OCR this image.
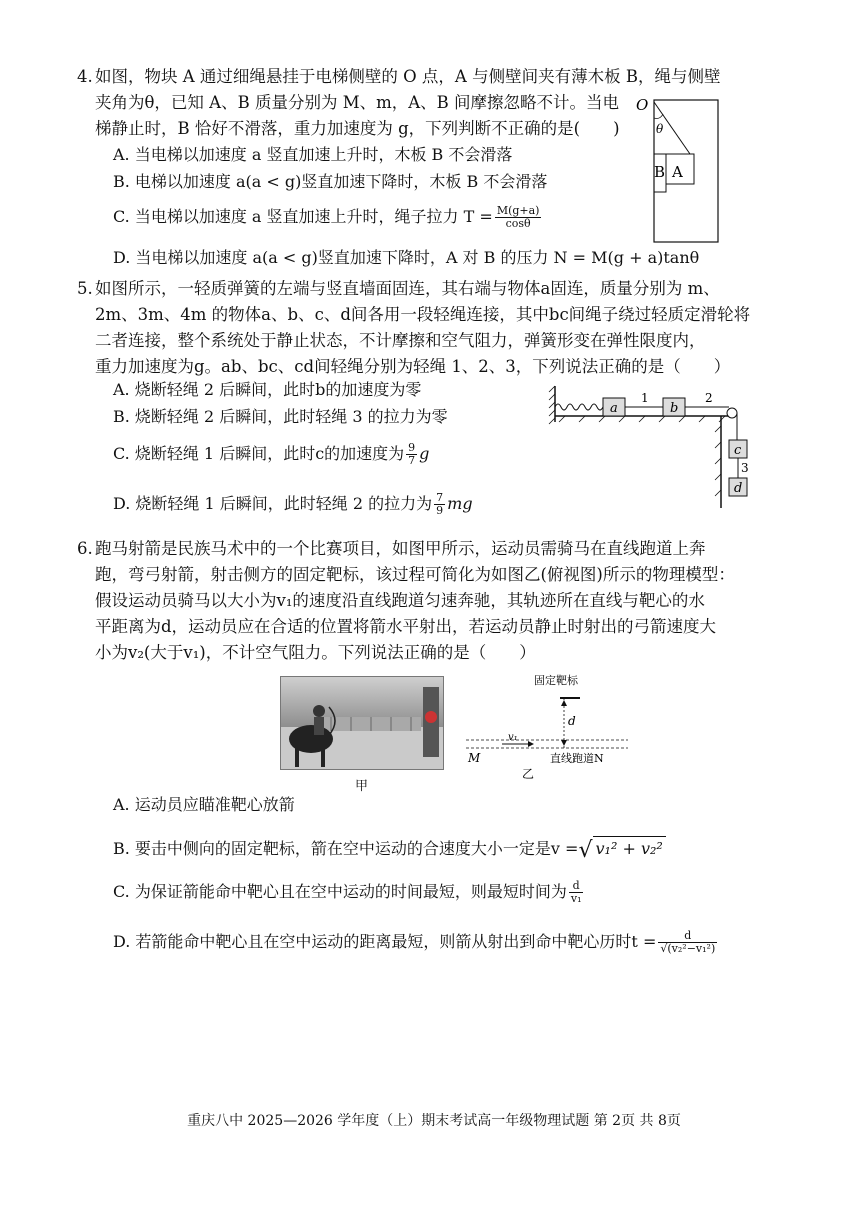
4. 如图，物块 A 通过细绳悬挂于电梯侧壁的 O 点，A 与侧壁间夹有薄木板 B，绳与侧壁

夹角为θ，已知 A、B 质量分别为 M、m，A、B 间摩擦忽略不计。当电

梯静止时，B 恰好不滑落，重力加速度为 g，下列判断不正确的是(　　)

A. 当电梯以加速度 a 竖直加速上升时，木板 B 不会滑落
B. 电梯以加速度 a(a < g)竖直加速下降时，木板 B 不会滑落
C. 当电梯以加速度 a 竖直加速上升时，绳子拉力 $T = \frac{M(g+a)}{\cos\theta}$
D. 当电梯以加速度 a(a < g)竖直加速下降时，A 对 B 的压力 N = M(g + a)tanθ
O
θ
B A

5. 如图所示，一轻质弹簧的左端与竖直墙面固连，其右端与物体a固连，质量分别为 m、

2m、3m、4m 的物体a、b、c、d间各用一段轻绳连接，其中bc间绳子绕过轻质定滑轮将

二者连接，整个系统处于静止状态，不计摩擦和空气阻力，弹簧形变在弹性限度内，

重力加速度为g。ab、bc、cd间轻绳分别为轻绳 1、2、3，下列说法正确的是（　　）

A. 烧断轻绳 2 后瞬间，此时b的加速度为零
B. 烧断轻绳 2 后瞬间，此时轻绳 3 的拉力为零
C. 烧断轻绳 1 后瞬间，此时c的加速度为 $\frac{9}{7}$ g
D. 烧断轻绳 1 后瞬间，此时轻绳 2 的拉力为 $\frac{7}{9}$ mg
a	b
c
d
1	2
3

6. 跑马射箭是民族马术中的一个比赛项目，如图甲所示，运动员需骑马在直线跑道上奔

跑，弯弓射箭，射击侧方的固定靶标，该过程可简化为如图乙(俯视图)所示的物理模型：

假设运动员骑马以大小为v₁的速度沿直线跑道匀速奔驰，其轨迹所在直线与靶心的水

平距离为d，运动员应在合适的位置将箭水平射出，若运动员静止时射出的弓箭速度大

小为v₂(大于v₁)，不计空气阻力。下列说法正确的是（　　）

甲
固定靶标
d
v₁
M	直线跑道N
乙
A. 运动员应瞄准靶心放箭
B. 要击中侧向的固定靶标，箭在空中运动的合速度大小一定是v =√ v₁² + v₂²
C. 为保证箭能命中靶心且在空中运动的时间最短，则最短时间为 $\frac{d}{\text{v₁}}$
D. 若箭能命中靶心且在空中运动的距离最短，则箭从射出到命中靶心历时$t = \frac{d}{\text{√(v₂²−v₁²)}}$
重庆八中 2025—2026 学年度（上）期末考试高一年级物理试题 第 2页 共 8页
